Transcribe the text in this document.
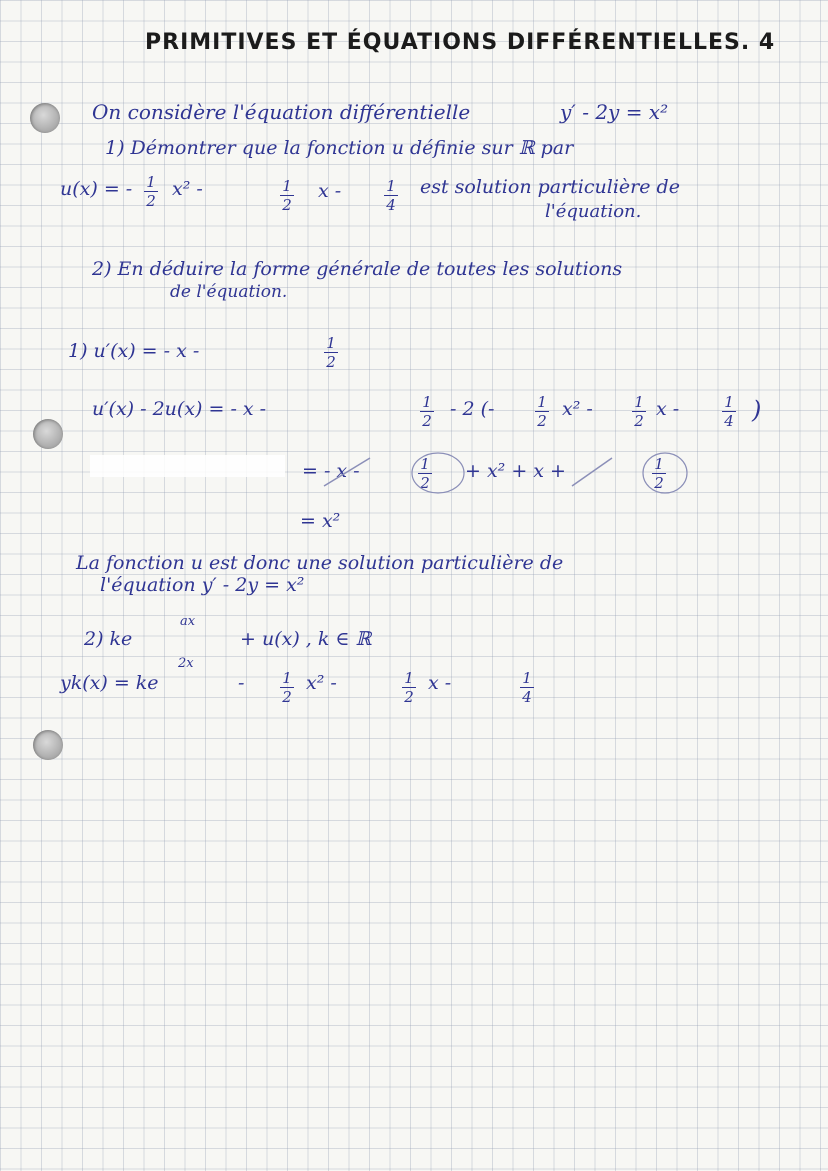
PRIMITIVES ET ÉQUATIONS DIFFÉRENTIELLES. 4
On considère l'équation différentielle	y′ - 2y = x²
1) Démontrer que la fonction u définie sur ℝ par
u(x) = - 1
2
x² -	1
2
x -	1
4
est solution particulière de
l'équation.
2) En déduire la forme générale de toutes les solutions
de l'équation.
1) u′(x) = - x -	1
2
u′(x) - 2u(x) = - x -	1
2
- 2 (-	1
2
x² -	1
2
x -	1
4 )
= - x -	1
2
+ x² + x +	1
2
= x²
La fonction u est donc une solution particulière de
l'équation y′ - 2y = x²
2) ke
ax
+ u(x) , k ∈ ℝ
yk(x) = ke
2x
-	1
2
x² -	1
2
x -	1
4
